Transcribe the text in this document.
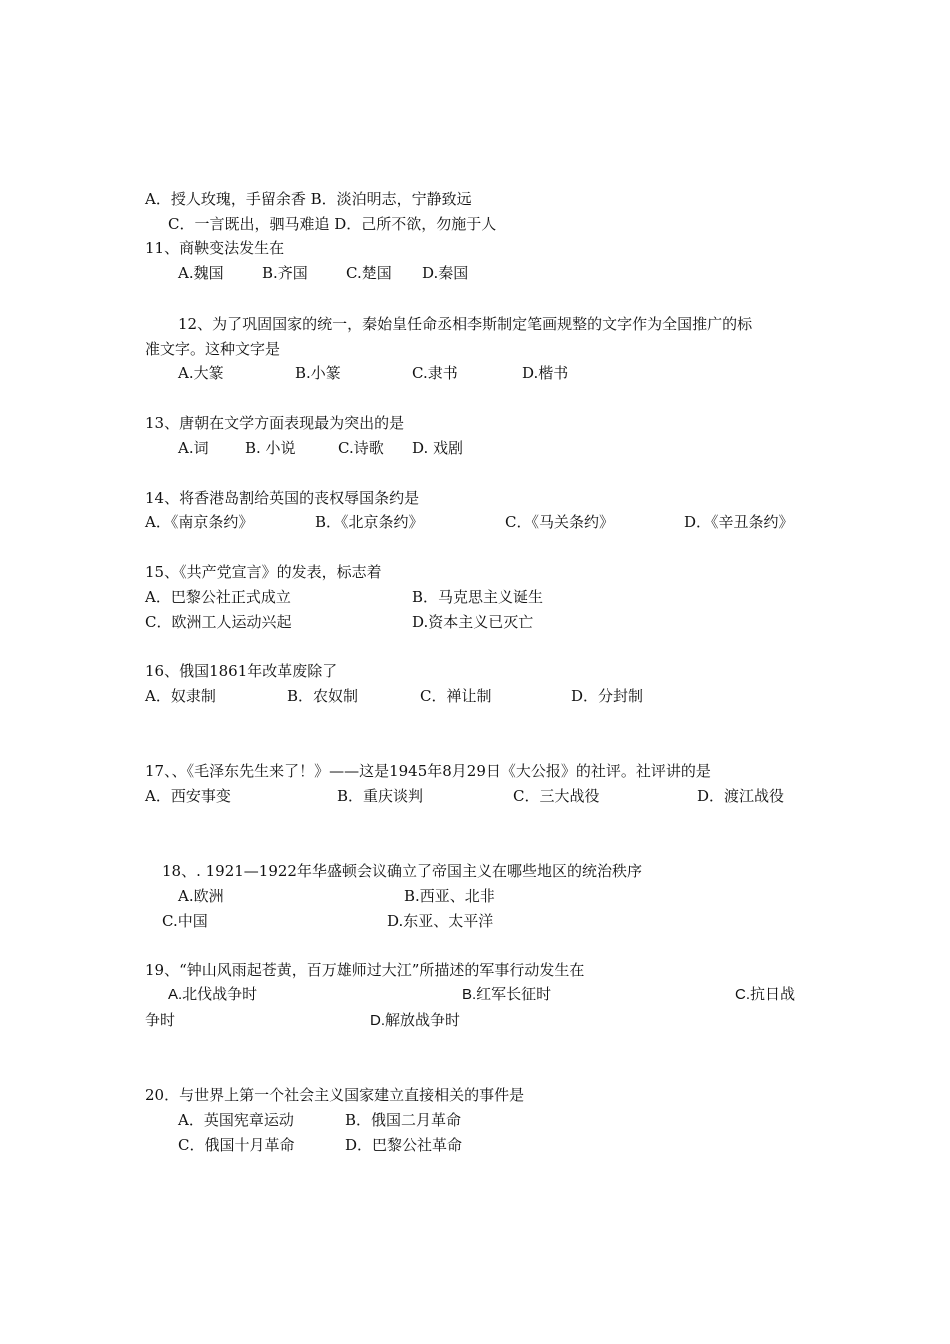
A．授人玫瑰，手留余香 B．淡泊明志，宁静致远
C．一言既出，驷马难追 D．己所不欲，勿施于人
11、商鞅变法发生在
A.魏国	B.齐国	C.楚国 D.秦国
12、为了巩固国家的统一，秦始皇任命丞相李斯制定笔画规整的文字作为全国推广的标
准文字。这种文字是
A.大篆	B.小篆	C.隶书	D.楷书
13、唐朝在文学方面表现最为突出的是
A.词 B. 小说	C.诗歌 D. 戏剧
14、将香港岛割给英国的丧权辱国条约是
A．《南京条约》	B．《北京条约》	C．《马关条约》	D．《辛丑条约》
15、《共产党宣言》的发表，标志着
A．巴黎公社正式成立	B．马克思主义诞生
C．欧洲工人运动兴起	D.资本主义已灭亡
16、俄国1861年改革废除了
A．奴隶制	B．农奴制	C．禅让制	D．分封制
17、、《毛泽东先生来了！》——这是1945年8月29日《大公报》的社评。社评讲的是
A．西安事变	B．重庆谈判	C．三大战役	D．渡江战役
18、. 1921—1922年华盛顿会议确立了帝国主义在哪些地区的统治秩序
A.欧洲	B.西亚、北非
C.中国	D.东亚、太平洋
19、“钟山风雨起苍黄，百万雄师过大江”所描述的军事行动发生在
A.北伐战争时	B.红军长征时	C.抗日战
争时	D.解放战争时
20．与世界上第一个社会主义国家建立直接相关的事件是
A．英国宪章运动	B．俄国二月革命
C．俄国十月革命	D．巴黎公社革命
